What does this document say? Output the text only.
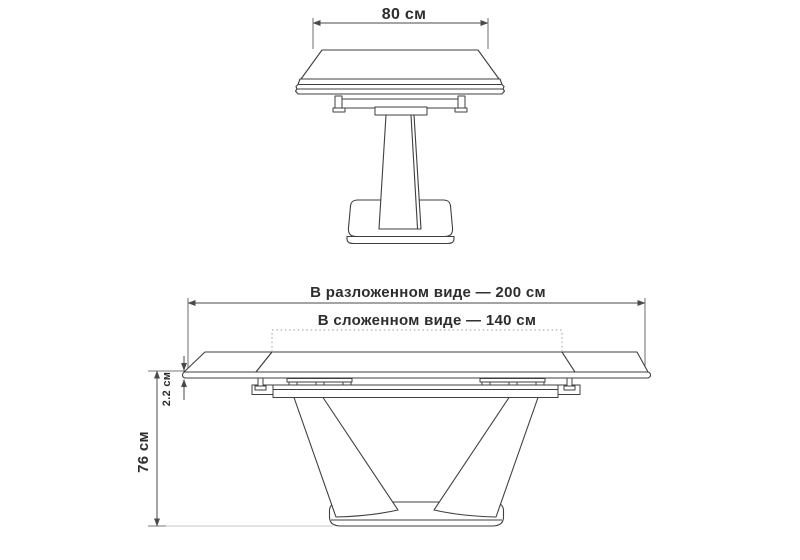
80 см
В разложенном виде — 200 см
В сложенном виде — 140 см
76 см
2.2 см
